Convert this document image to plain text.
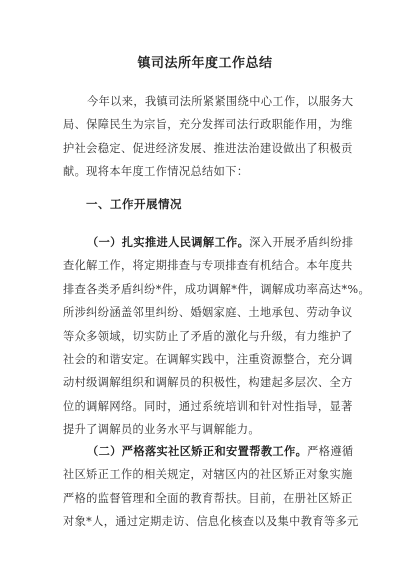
镇司法所年度工作总结
今年以来，我镇司法所紧紧围绕中心工作，以服务大
局、保障民生为宗旨，充分发挥司法行政职能作用，为维
护社会稳定、促进经济发展、推进法治建设做出了积极贡
献。现将本年度工作情况总结如下：
一、工作开展情况
（一）扎实推进人民调解工作。深入开展矛盾纠纷排
查化解工作，将定期排查与专项排查有机结合。本年度共
排查各类矛盾纠纷*件，成功调解*件，调解成功率高达*%。
所涉纠纷涵盖邻里纠纷、婚姻家庭、土地承包、劳动争议
等众多领域，切实防止了矛盾的激化与升级，有力维护了
社会的和谐安定。在调解实践中，注重资源整合，充分调
动村级调解组织和调解员的积极性，构建起多层次、全方
位的调解网络。同时，通过系统培训和针对性指导，显著
提升了调解员的业务水平与调解能力。
（二）严格落实社区矫正和安置帮教工作。严格遵循
社区矫正工作的相关规定，对辖区内的社区矫正对象实施
严格的监督管理和全面的教育帮扶。目前，在册社区矫正
对象*人，通过定期走访、信息化核查以及集中教育等多元
